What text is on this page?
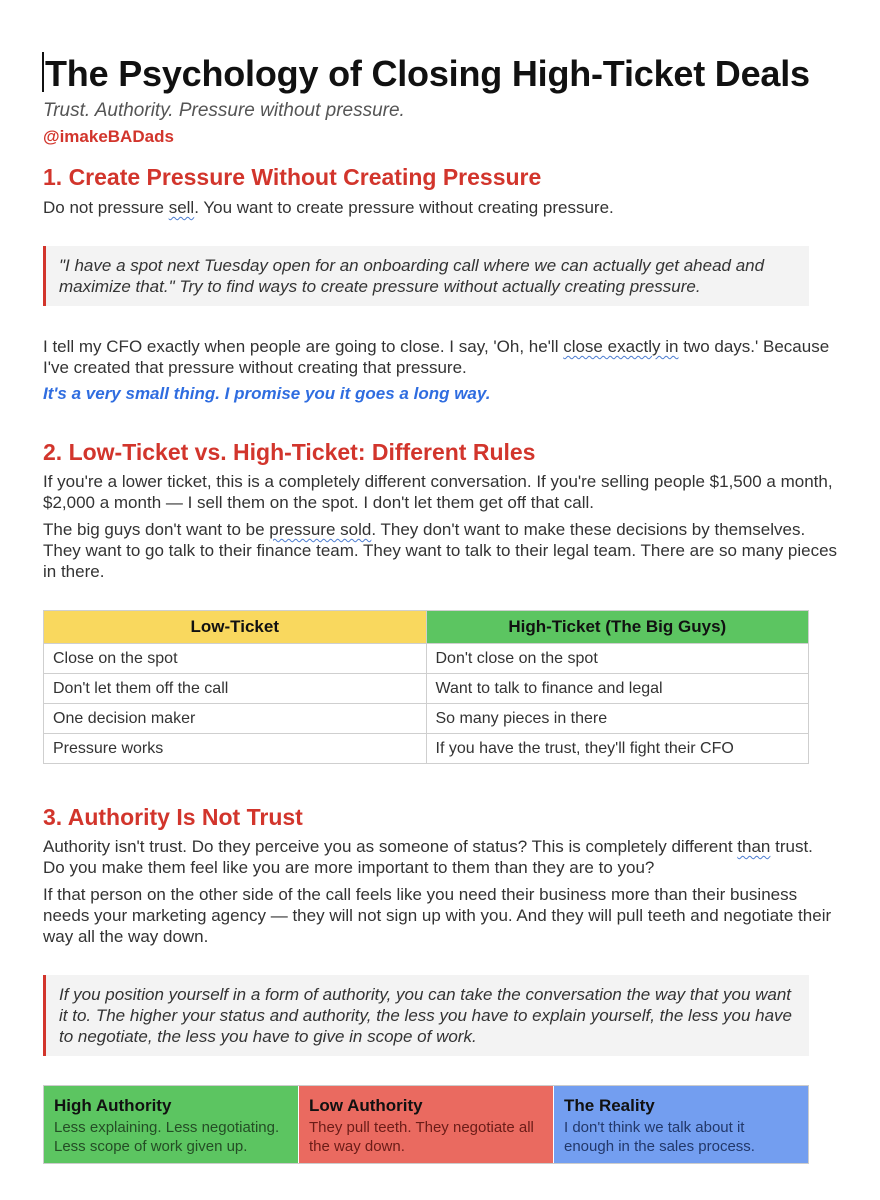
The Psychology of Closing High-Ticket Deals
Trust. Authority. Pressure without pressure.
@imakeBADads
1. Create Pressure Without Creating Pressure

Do not pressure sell. You want to create pressure without creating pressure.

"I have a spot next Tuesday open for an onboarding call where we can actually get ahead and maximize that." Try to find ways to create pressure without actually creating pressure.

I tell my CFO exactly when people are going to close. I say, 'Oh, he'll close exactly in two days.' Because I've created that pressure without creating that pressure.

It's a very small thing. I promise you it goes a long way.

2. Low-Ticket vs. High-Ticket: Different Rules

If you're a lower ticket, this is a completely different conversation. If you're selling people $1,500 a month, $2,000 a month — I sell them on the spot. I don't let them get off that call.

The big guys don't want to be pressure sold. They don't want to make these decisions by themselves. They want to go talk to their finance team. They want to talk to their legal team. There are so many pieces in there.

Low-Ticket	High-Ticket (The Big Guys)
Close on the spot	Don't close on the spot
Don't let them off the call	Want to talk to finance and legal
One decision maker	So many pieces in there
Pressure works	If you have the trust, they'll fight their CFO
3. Authority Is Not Trust

Authority isn't trust. Do they perceive you as someone of status? This is completely different than trust. Do you make them feel like you are more important to them than they are to you?

If that person on the other side of the call feels like you need their business more than their business needs your marketing agency — they will not sign up with you. And they will pull teeth and negotiate their way all the way down.

If you position yourself in a form of authority, you can take the conversation the way that you want it to. The higher your status and authority, the less you have to explain yourself, the less you have to negotiate, the less you have to give in scope of work.
High Authority
Less explaining. Less negotiating. Less scope of work given up.
Low Authority
They pull teeth. They negotiate all the way down.
The Reality
I don't think we talk about it enough in the sales process.
